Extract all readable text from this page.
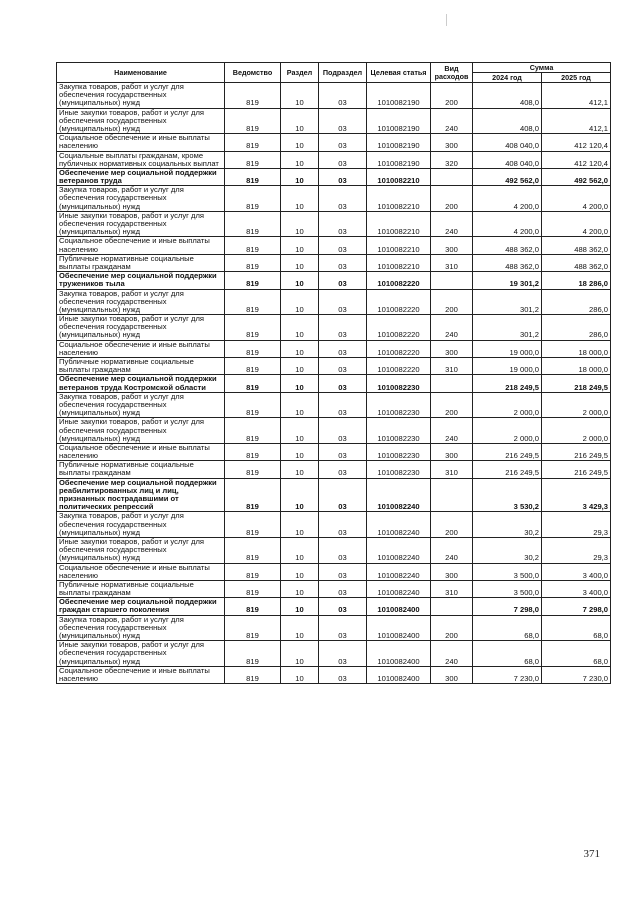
Наименование	Ведомство	Раздел	Подраздел	Целевая статья	Вид расходов	Сумма	
						2024 год	2025 год
Закупка товаров, работ и услуг для обеспечения государственных (муниципальных) нужд	819	10	03	1010082190	200	408,0	412,1
Иные закупки товаров, работ и услуг для обеспечения государственных (муниципальных) нужд	819	10	03	1010082190	240	408,0	412,1
Социальное обеспечение и иные выплаты населению	819	10	03	1010082190	300	408 040,0	412 120,4
Социальные выплаты гражданам, кроме публичных нормативных социальных выплат	819	10	03	1010082190	320	408 040,0	412 120,4
Обеспечение мер социальной поддержки ветеранов труда	819	10	03	1010082210		492 562,0	492 562,0
Закупка товаров, работ и услуг для обеспечения государственных (муниципальных) нужд	819	10	03	1010082210	200	4 200,0	4 200,0
Иные закупки товаров, работ и услуг для обеспечения государственных (муниципальных) нужд	819	10	03	1010082210	240	4 200,0	4 200,0
Социальное обеспечение и иные выплаты населению	819	10	03	1010082210	300	488 362,0	488 362,0
Публичные нормативные социальные выплаты гражданам	819	10	03	1010082210	310	488 362,0	488 362,0
Обеспечение мер социальной поддержки тружеников тыла	819	10	03	1010082220		19 301,2	18 286,0
Закупка товаров, работ и услуг для обеспечения государственных (муниципальных) нужд	819	10	03	1010082220	200	301,2	286,0
Иные закупки товаров, работ и услуг для обеспечения государственных (муниципальных) нужд	819	10	03	1010082220	240	301,2	286,0
Социальное обеспечение и иные выплаты населению	819	10	03	1010082220	300	19 000,0	18 000,0
Публичные нормативные социальные выплаты гражданам	819	10	03	1010082220	310	19 000,0	18 000,0
Обеспечение мер социальной поддержки ветеранов труда Костромской области	819	10	03	1010082230		218 249,5	218 249,5
Закупка товаров, работ и услуг для обеспечения государственных (муниципальных) нужд	819	10	03	1010082230	200	2 000,0	2 000,0
Иные закупки товаров, работ и услуг для обеспечения государственных (муниципальных) нужд	819	10	03	1010082230	240	2 000,0	2 000,0
Социальное обеспечение и иные выплаты населению	819	10	03	1010082230	300	216 249,5	216 249,5
Публичные нормативные социальные выплаты гражданам	819	10	03	1010082230	310	216 249,5	216 249,5
Обеспечение мер социальной поддержки реабилитированных лиц и лиц, признанных пострадавшими от политических репрессий	819	10	03	1010082240		3 530,2	3 429,3
Закупка товаров, работ и услуг для обеспечения государственных (муниципальных) нужд	819	10	03	1010082240	200	30,2	29,3
Иные закупки товаров, работ и услуг для обеспечения государственных (муниципальных) нужд	819	10	03	1010082240	240	30,2	29,3
Социальное обеспечение и иные выплаты населению	819	10	03	1010082240	300	3 500,0	3 400,0
Публичные нормативные социальные выплаты гражданам	819	10	03	1010082240	310	3 500,0	3 400,0
Обеспечение мер социальной поддержки граждан старшего поколения	819	10	03	1010082400		7 298,0	7 298,0
Закупка товаров, работ и услуг для обеспечения государственных (муниципальных) нужд	819	10	03	1010082400	200	68,0	68,0
Иные закупки товаров, работ и услуг для обеспечения государственных (муниципальных) нужд	819	10	03	1010082400	240	68,0	68,0
Социальное обеспечение и иные выплаты населению	819	10	03	1010082400	300	7 230,0	7 230,0
371
